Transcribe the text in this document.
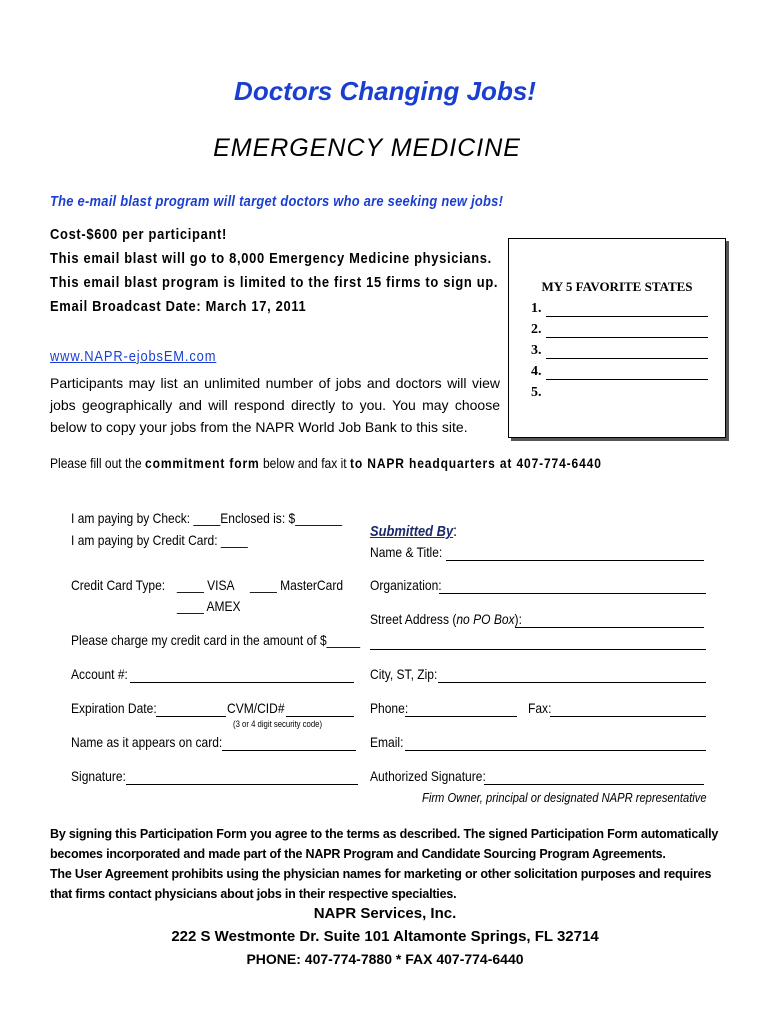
Doctors Changing Jobs!
EMERGENCY MEDICINE
The e-mail blast program will target doctors who are seeking new jobs!
Cost-$600 per participant!
This email blast will go to 8,000 Emergency Medicine physicians.
This email blast program is limited to the first 15 firms to sign up.
Email Broadcast Date: March 17, 2011
www.NAPR-ejobsEM.com
Participants may list an unlimited number of jobs and doctors will view jobs geographically and will respond directly to you. You may choose below to copy your jobs from the NAPR World Job Bank to this site.
MY 5 FAVORITE STATES
1.
2.
3.
4.
5.
Please fill out the commitment form below and fax it to NAPR headquarters at 407-774-6440
I am paying by Check: ____Enclosed is: $_______
I am paying by Credit Card: ____
Credit Card Type: ____ VISA ____ MasterCard
____ AMEX
Please charge my credit card in the amount of $_____
Account #:
Expiration Date:	CVM/CID#
(3 or 4 digit security code)
Name as it appears on card:
Signature:
Submitted By:
Name & Title:
Organization:
Street Address (no PO Box):
City, ST, Zip:
Phone:	Fax:
Email:
Authorized Signature:
Firm Owner, principal or designated NAPR representative
By signing this Participation Form you agree to the terms as described. The signed Participation Form automatically becomes incorporated and made part of the NAPR Program and Candidate Sourcing Program Agreements.
The User Agreement prohibits using the physician names for marketing or other solicitation purposes and requires that firms contact physicians about jobs in their respective specialties.
NAPR Services, Inc.
222 S Westmonte Dr. Suite 101 Altamonte Springs, FL 32714
PHONE: 407-774-7880 * FAX 407-774-6440
